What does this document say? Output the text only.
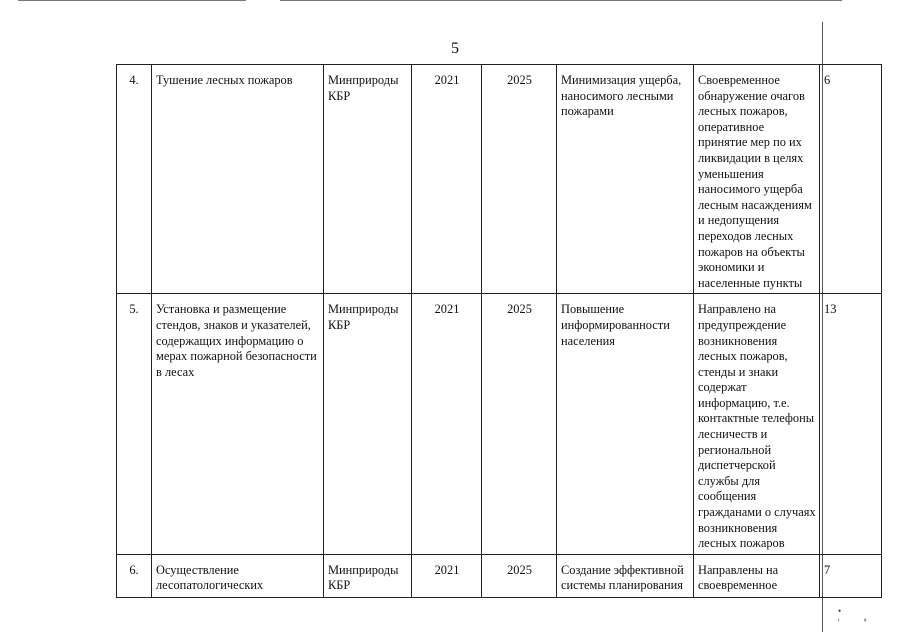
5
4.	Тушение лесных пожаров	Минприроды КБР	2021	2025	Минимизация ущерба, наносимого лесными пожарами	Своевременное обнаружение очагов лесных пожаров, оперативное принятие мер по их ликвидации в целях уменьшения наносимого ущерба лесным насаждениям и недопущения переходов лесных пожаров на объекты экономики и населенные пункты	6
5.	Установка и размещение стендов, знаков и указателей, содержащих информацию о мерах пожарной безопасности в лесах	Минприроды КБР	2021	2025	Повышение информированности населения	Направлено на предупреждение возникновения лесных пожаров, стенды и знаки содержат информацию, т.е. контактные телефоны лесничеств и региональной диспетчерской службы для сообщения гражданами о случаях возникновения лесных пожаров	13
6.	Осуществление лесопатологических	Минприроды КБР	2021	2025	Создание эффективной системы планирования	Направлены на своевременное	7
• ᵗᵈ
